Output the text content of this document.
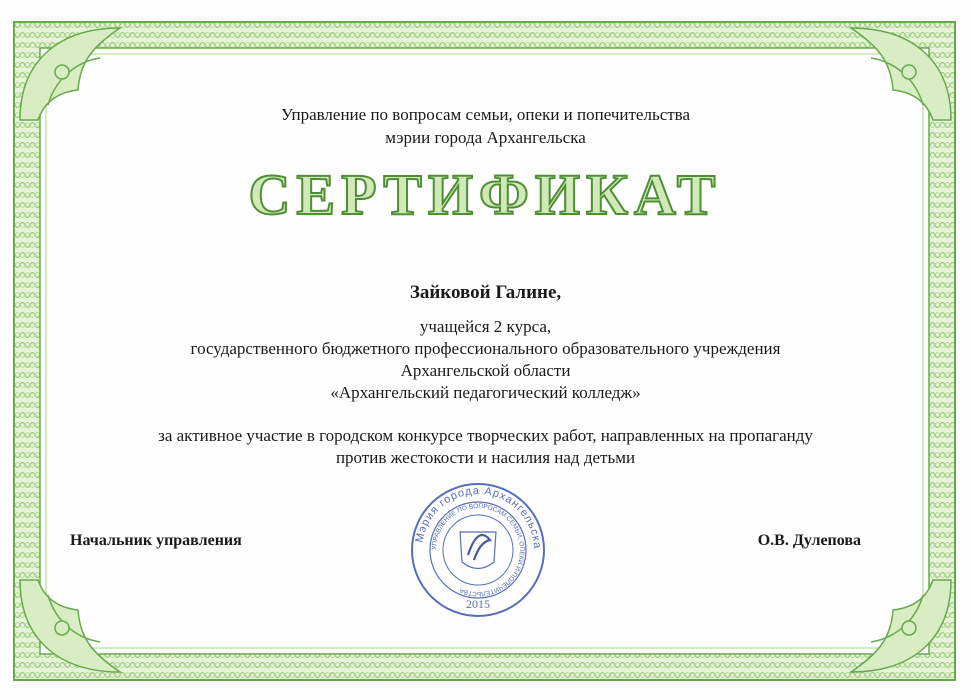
Управление по вопросам семьи, опеки и попечительства
мэрии города Архангельска
СЕРТИФИКАТ
Зайковой Галине,
учащейся 2 курса,
государственного бюджетного профессионального образовательного учреждения
Архангельской области
«Архангельский педагогический колледж»
за активное участие в городском конкурсе творческих работ, направленных на пропаганду
против жестокости и насилия над детьми
Начальник управления	О.В. Дулепова
Мэрия города Архангельска
УПРАВЛЕНИЕ ПО ВОПРОСАМ СЕМЬИ, ОПЕКИ И ПОПЕЧИТЕЛЬСТВА
2015
